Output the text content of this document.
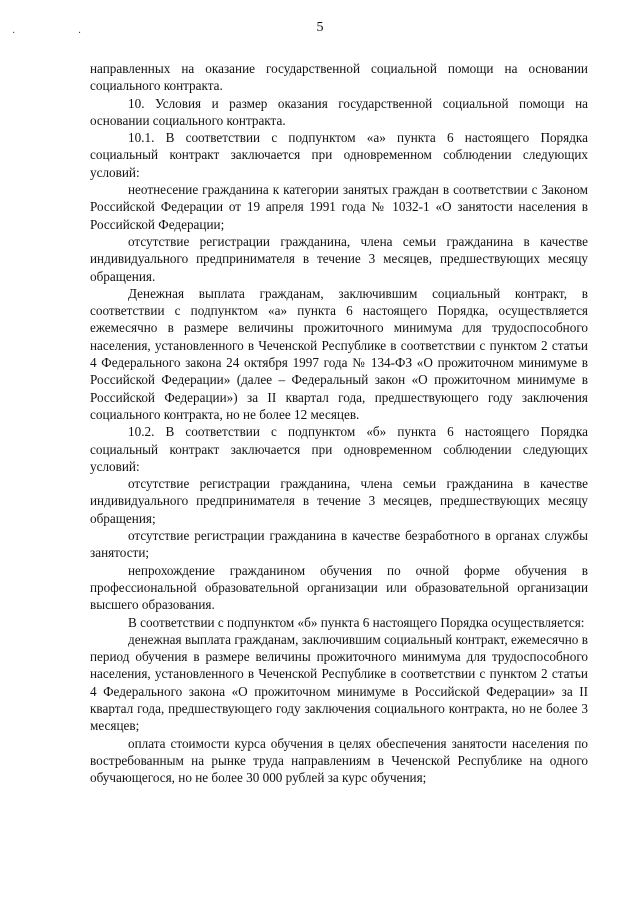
· ·	5

направленных на оказание государственной социальной помощи на основании социального контракта.

10. Условия и размер оказания государственной социальной помощи на основании социального контракта.

10.1. В соответствии с подпунктом «а» пункта 6 настоящего Порядка социальный контракт заключается при одновременном соблюдении следующих условий:

неотнесение гражданина к категории занятых граждан в соответствии с Законом Российской Федерации от 19 апреля 1991 года № 1032-1 «О занятости населения в Российской Федерации;

отсутствие регистрации гражданина, члена семьи гражданина в качестве индивидуального предпринимателя в течение 3 месяцев, предшествующих месяцу обращения.

Денежная выплата гражданам, заключившим социальный контракт, в соответствии с подпунктом «а» пункта 6 настоящего Порядка, осуществляется ежемесячно в размере величины прожиточного минимума для трудоспособного населения, установленного в Чеченской Республике в соответствии с пунктом 2 статьи 4 Федерального закона 24 октября 1997 года № 134-ФЗ «О прожиточном минимуме в Российской Федерации» (далее – Федеральный закон «О прожиточном минимуме в Российской Федерации») за II квартал года, предшествующего году заключения социального контракта, но не более 12 месяцев.

10.2. В соответствии с подпунктом «б» пункта 6 настоящего Порядка социальный контракт заключается при одновременном соблюдении следующих условий:

отсутствие регистрации гражданина, члена семьи гражданина в качестве индивидуального предпринимателя в течение 3 месяцев, предшествующих месяцу обращения;

отсутствие регистрации гражданина в качестве безработного в органах службы занятости;

непрохождение гражданином обучения по очной форме обучения в профессиональной образовательной организации или образовательной организации высшего образования.

В соответствии с подпунктом «б» пункта 6 настоящего Порядка осуществляется:

денежная выплата гражданам, заключившим социальный контракт, ежемесячно в период обучения в размере величины прожиточного минимума для трудоспособного населения, установленного в Чеченской Республике в соответствии с пунктом 2 статьи 4 Федерального закона «О прожиточном минимуме в Российской Федерации» за II квартал года, предшествующего году заключения социального контракта, но не более 3 месяцев;

оплата стоимости курса обучения в целях обеспечения занятости населения по востребованным на рынке труда направлениям в Чеченской Республике на одного обучающегося, но не более 30 000 рублей за курс обучения;
